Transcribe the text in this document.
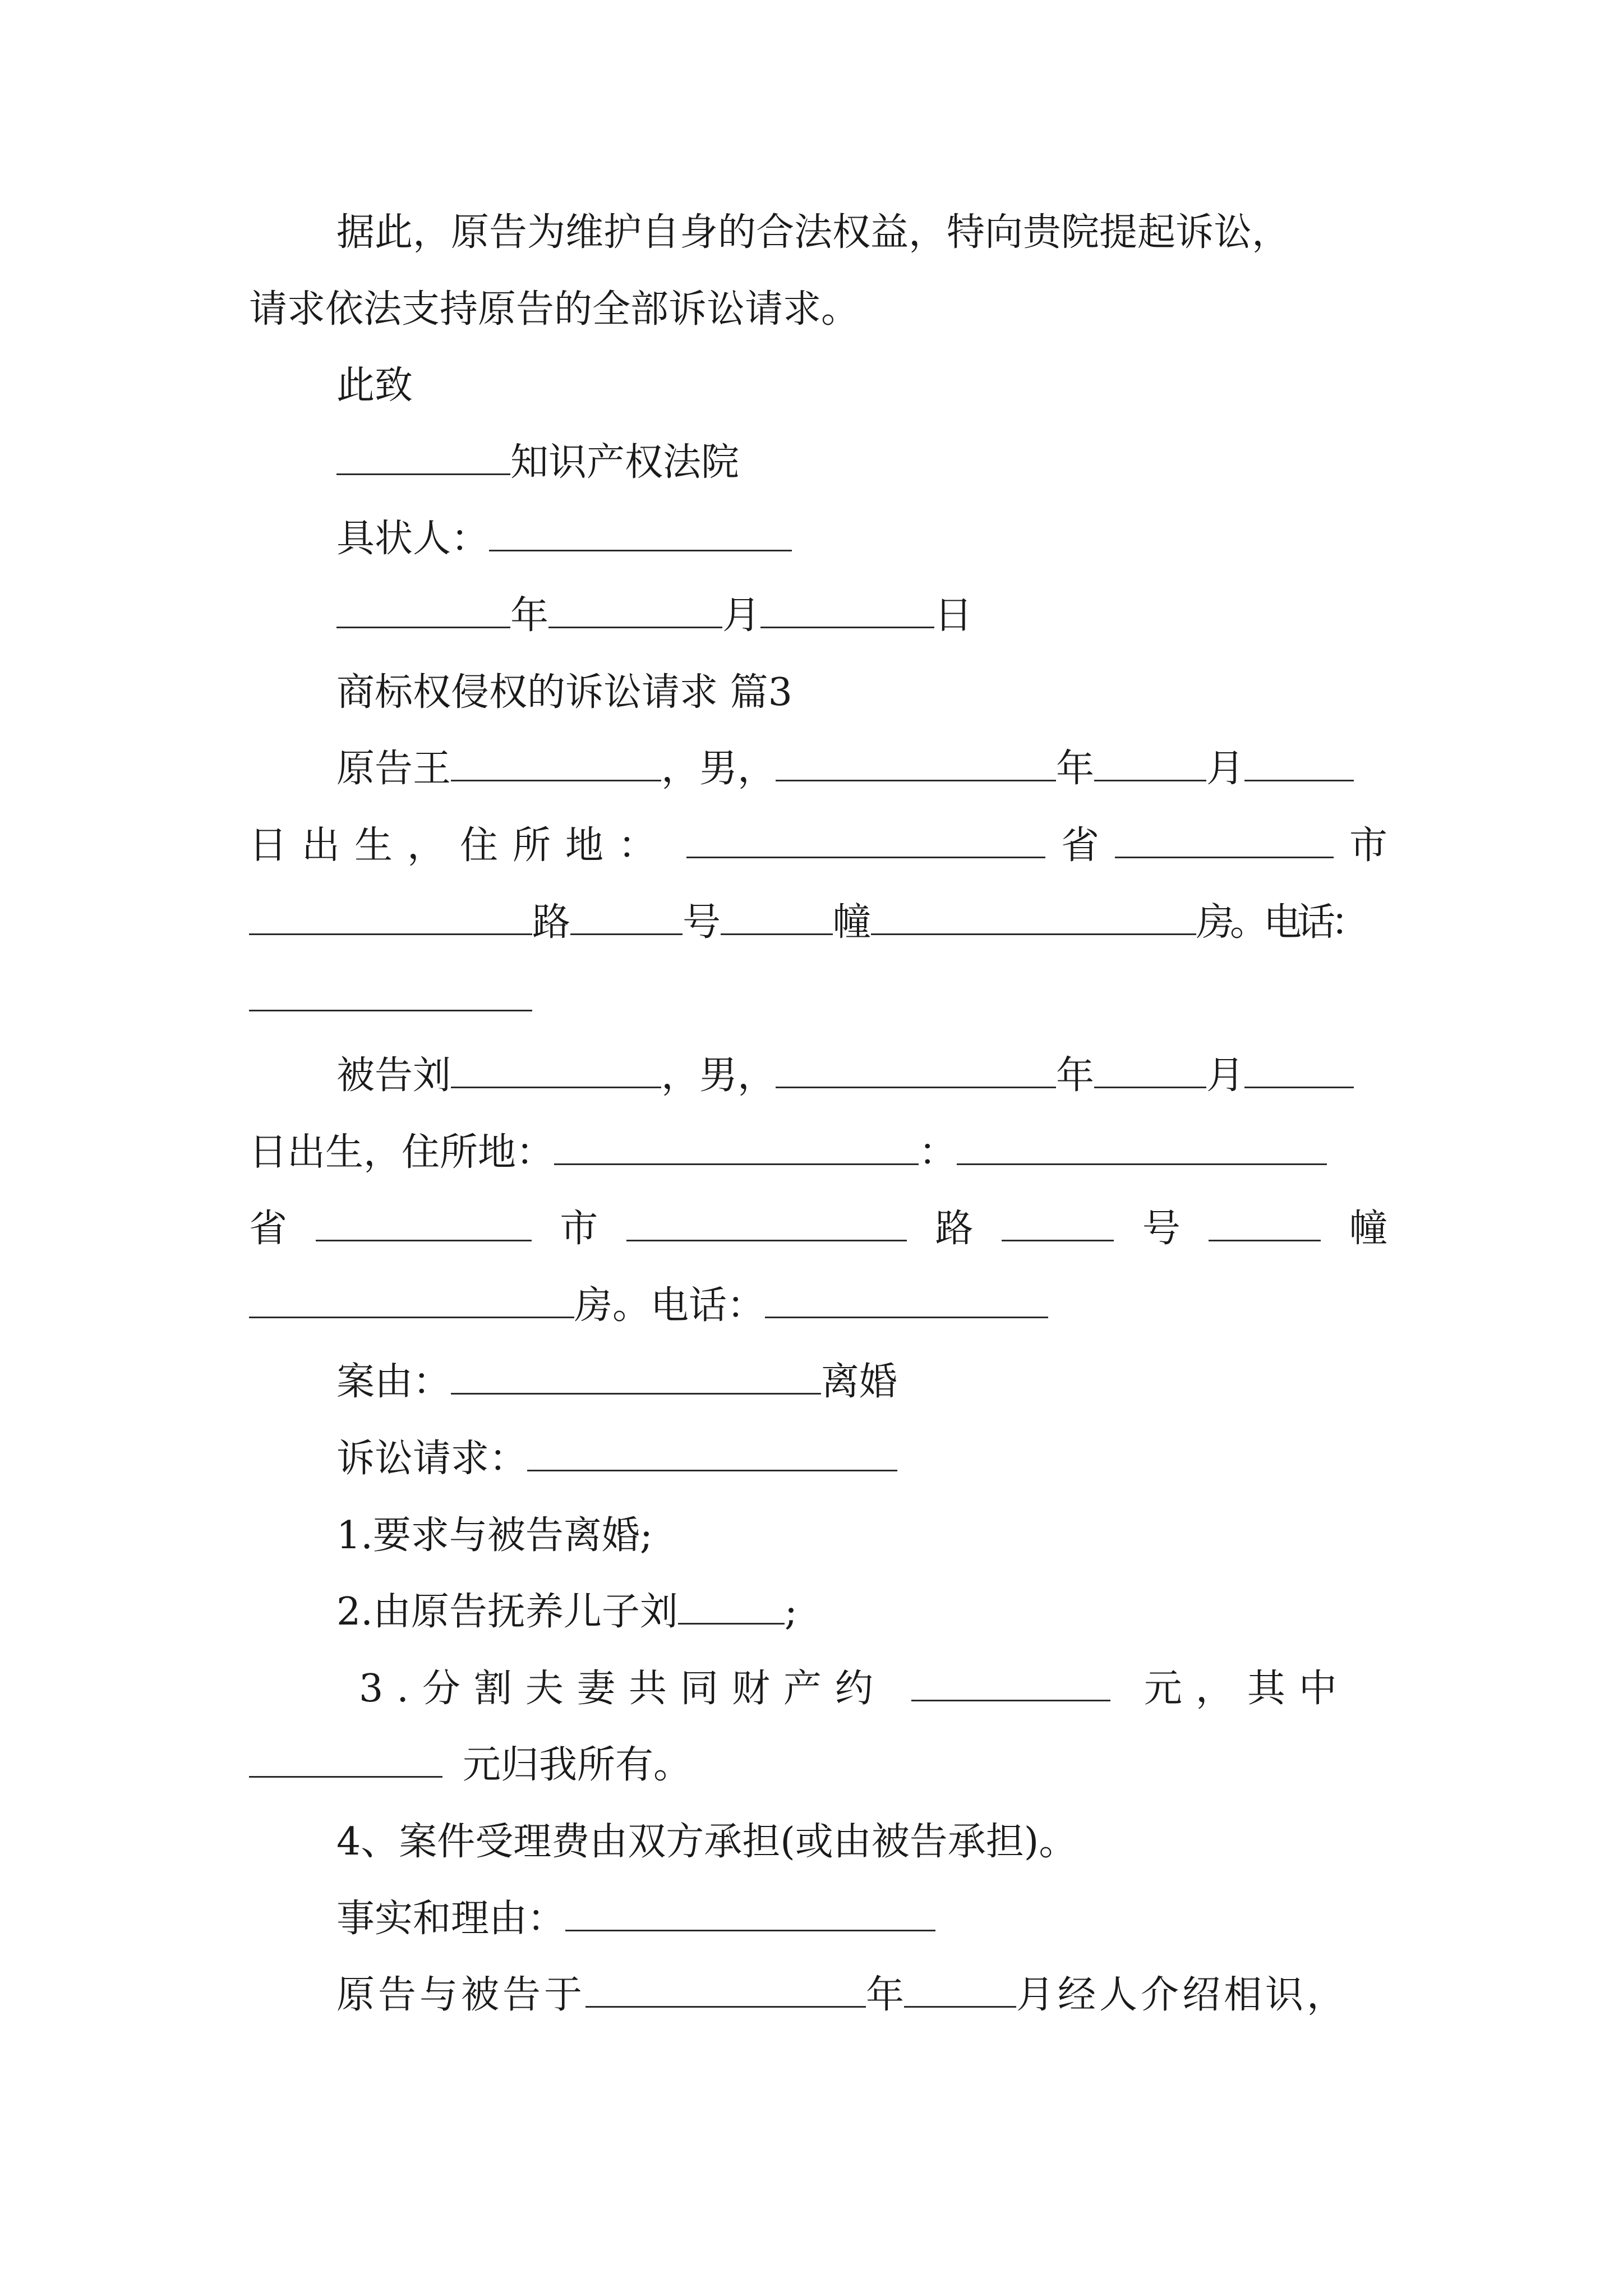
据此，原告为维护自身的合法权益，特向贵院提起诉讼，
请求依法支持原告的全部诉讼请求。
此致
知识产权法院
具状人：
年	月	日
商标权侵权的诉讼请求 篇3
原告王	，男，	年	月
日出生，住所地：	省	市
路	号	幢	房。电话：
被告刘	，男，	年	月
日出生，住所地：	：
省	市	路	号	幢
房。电话：
案由：	离婚
诉讼请求：
1.要求与被告离婚;
2.由原告抚养儿子刘	;
3.分割夫妻共同财产约	元，其中
元归我所有。
4、案件受理费由双方承担(或由被告承担)。
事实和理由：
原告与被告于	年	月经人介绍相识，
